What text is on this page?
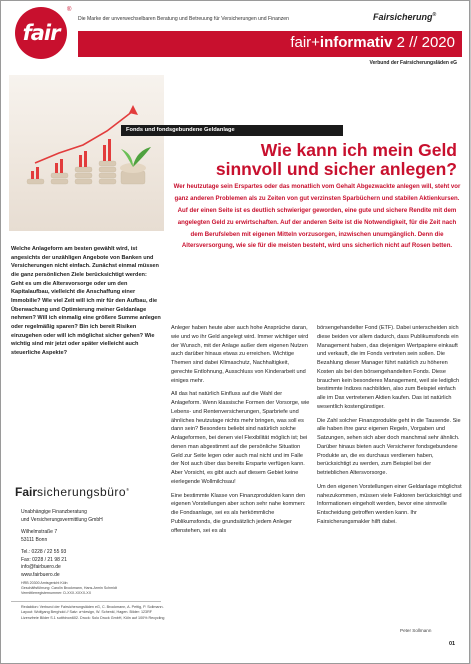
fair
®
Die Marke der unverwechselbaren Beratung und Betreuung für Versicherungen und Finanzen	Fairsicherung®
fair+informativ 2 // 2020
Verbund der Fairsicherungsläden eG
Fonds und fondsgebundene Geldanlage
Wie kann ich mein Geld
sinnvoll und sicher anlegen?

Wer heutzutage sein Erspartes oder das monatlich vom Gehalt Abgezwackte anlegen will, steht vor ganz anderen Problemen als zu Zeiten von gut verzinsten Sparbüchern und stabilen Aktienkursen. Auf der einen Seite ist es deutlich schwieriger geworden, eine gute und sichere Rendite mit dem angelegten Geld zu erwirtschaften. Auf der anderen Seite ist die Notwendigkeit, für die Zeit nach dem Berufsleben mit eigenen Mitteln vorzusorgen, inzwischen unumgänglich. Denn die Altersversorgung, wie sie für die meisten besteht, wird uns sicherlich nicht auf Rosen betten.

Welche Anlageform am besten gewählt wird, ist angesichts der unzähligen Angebote von Banken und Versicherungen nicht einfach. Zunächst einmal müssen die ganz persönlichen Ziele berücksichtigt werden: Geht es um die Altersvorsorge oder um den Kapitalaufbau, vielleicht die Anschaffung einer Immobilie? Wie viel Zeit will ich mir für den Aufbau, die Überwachung und Optimierung meiner Geldanlage nehmen? Will ich einmalig eine größere Summe anlegen oder regelmäßig sparen? Bin ich bereit Risiken einzugehen oder will ich möglichst sicher gehen? Wie wichtig sind mir jetzt oder später vielleicht auch steuerliche Aspekte?

Anleger haben heute aber auch hohe Ansprüche daran, wie und wo ihr Geld angelegt wird. Immer wichtiger wird der Wunsch, mit der Anlage außer dem eigenen Nutzen auch darüber hinaus etwas zu erreichen. Wichtige Themen sind dabei Klimaschutz, Nachhaltigkeit, gerechte Entlohnung, Ausschluss von Kinderarbeit und einiges mehr.

All das hat natürlich Einfluss auf die Wahl der Anlageform. Wenn klassische Formen der Vorsorge, wie Lebens- und Rentenversicherungen, Sparbriefe und ähnliches heutzutage nichts mehr bringen, was soll es dann sein? Besonders beliebt sind natürlich solche Anlageformen, bei denen viel Flexibilität möglich ist; bei denen man abgestimmt auf die persönliche Situation Geld zur Seite legen oder auch mal nicht und im Falle der Not auch über das bereits Ersparte verfügen kann. Aber Vorsicht, es gibt auch auf diesem Gebiet keine eierlegende Wollmilchsau!

Eine bestimmte Klasse von Finanzprodukten kann den eigenen Vorstellungen aber schon sehr nahe kommen: die Fondsanlage, sei es als herkömmliche Publikumsfonds, die grundsätzlich jedem Anleger offenstehen, sei es als

börsengehandelter Fond (ETF). Dabei unterscheiden sich diese beiden vor allem dadurch, dass Publikumsfonds ein Management haben, das diejenigen Wertpapiere einkauft und verkauft, die im Fonds vertreten sein sollen. Die Bezahlung dieser Manager führt natürlich zu höheren Kosten als bei den börsengehandelten Fonds. Diese brauchen kein besonderes Management, weil sie lediglich bestimmte Indizes nachbilden, also zum Beispiel einfach alle im Dax vertretenen Aktien kaufen. Das ist natürlich wesentlich kostengünstiger.

Die Zahl solcher Finanzprodukte geht in die Tausende. Sie alle haben ihre ganz eigenen Regeln, Vorgaben und Satzungen, sehen sich aber doch manchmal sehr ähnlich. Darüber hinaus bieten auch Versicherer fondsgebundene Produkte an, die es durchaus verdienen haben, berücksichtigt zu werden, zum Beispiel bei der betrieblichen Altersvorsorge.

Um den eigenen Vorstellungen einer Geldanlage möglichst nahezukommen, müssen viele Faktoren berücksichtigt und Informationen eingeholt werden, bevor eine sinnvolle Entscheidung getroffen werden kann. Ihr Fairsicherungsmakler hilft dabei.

Peter Sollmann
01
Fairsicherungsbüro®
Unabhängige Finanzberatung
und Versicherungsvermittlung GmbH
Wilhelmstraße 7
53111 Bonn
Tel.: 0228 / 22 55 93
Fax: 0228 / 21 98 21
info@fairbuero.de
www.fairbuero.de
HRB 20300 Amtsgericht Köln
Geschäftsführung: Carolin Brockmann, Hans-Armin Schmidt
Vermittlerregisternummer: D-XXX-XXXX-XX

Redaktion: Verbund der Fairsicherungsläden eG, C. Brockmann, A. Pettig, P. Sollmann. Layout: Wolfgang Berghold // Satz: a+design, W. Schenkl, Hagen. Bilder: 123RF Lizenzfreie Bilder S.1 sutthinon602. Druck: Solo Druck GmbH, Köln auf 100% Recycling
